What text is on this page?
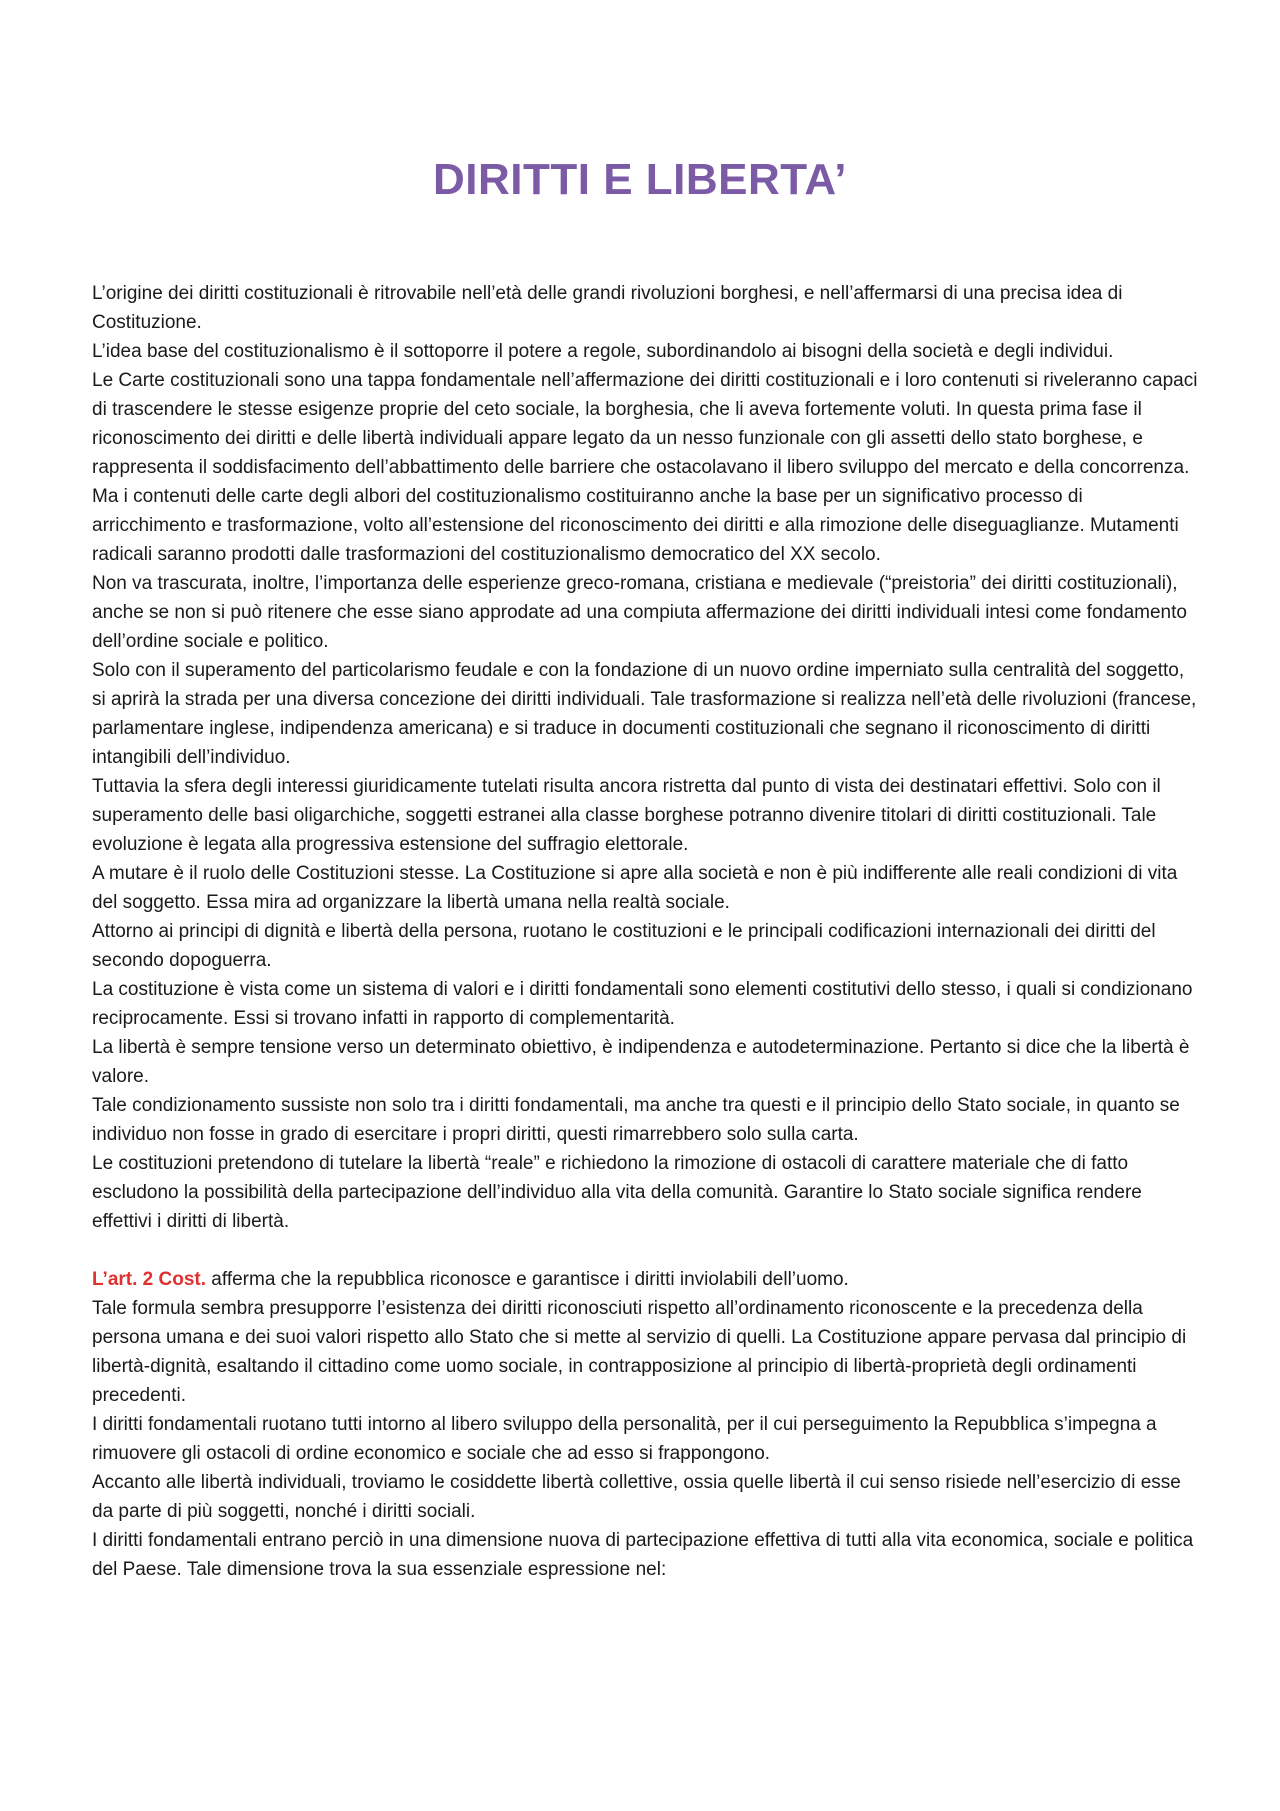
DIRITTI E LIBERTA’

L’origine dei diritti costituzionali è ritrovabile nell’età delle grandi rivoluzioni borghesi, e nell’affermarsi di una precisa idea di Costituzione.

L’idea base del costituzionalismo è il sottoporre il potere a regole, subordinandolo ai bisogni della società e degli individui.

Le Carte costituzionali sono una tappa fondamentale nell’affermazione dei diritti costituzionali e i loro contenuti si riveleranno capaci di trascendere le stesse esigenze proprie del ceto sociale, la borghesia, che li aveva fortemente voluti. In questa prima fase il riconoscimento dei diritti e delle libertà individuali appare legato da un nesso funzionale con gli assetti dello stato borghese, e rappresenta il soddisfacimento dell’abbattimento delle barriere che ostacolavano il libero sviluppo del mercato e della concorrenza.

Ma i contenuti delle carte degli albori del costituzionalismo costituiranno anche la base per un significativo processo di arricchimento e trasformazione, volto all’estensione del riconoscimento dei diritti e alla rimozione delle diseguaglianze. Mutamenti radicali saranno prodotti dalle trasformazioni del costituzionalismo democratico del XX secolo.

Non va trascurata, inoltre, l’importanza delle esperienze greco-romana, cristiana e medievale (“preistoria” dei diritti costituzionali), anche se non si può ritenere che esse siano approdate ad una compiuta affermazione dei diritti individuali intesi come fondamento dell’ordine sociale e politico.

Solo con il superamento del particolarismo feudale e con la fondazione di un nuovo ordine imperniato sulla centralità del soggetto, si aprirà la strada per una diversa concezione dei diritti individuali. Tale trasformazione si realizza nell’età delle rivoluzioni (francese, parlamentare inglese, indipendenza americana) e si traduce in documenti costituzionali che segnano il riconoscimento di diritti intangibili dell’individuo.

Tuttavia la sfera degli interessi giuridicamente tutelati risulta ancora ristretta dal punto di vista dei destinatari effettivi. Solo con il superamento delle basi oligarchiche, soggetti estranei alla classe borghese potranno divenire titolari di diritti costituzionali. Tale evoluzione è legata alla progressiva estensione del suffragio elettorale.

A mutare è il ruolo delle Costituzioni stesse. La Costituzione si apre alla società e non è più indifferente alle reali condizioni di vita del soggetto. Essa mira ad organizzare la libertà umana nella realtà sociale.

Attorno ai principi di dignità e libertà della persona, ruotano le costituzioni e le principali codificazioni internazionali dei diritti del secondo dopoguerra.

La costituzione è vista come un sistema di valori e i diritti fondamentali sono elementi costitutivi dello stesso, i quali si condizionano reciprocamente. Essi si trovano infatti in rapporto di complementarità.

La libertà è sempre tensione verso un determinato obiettivo, è indipendenza e autodeterminazione. Pertanto si dice che la libertà è valore.

Tale condizionamento sussiste non solo tra i diritti fondamentali, ma anche tra questi e il principio dello Stato sociale, in quanto se individuo non fosse in grado di esercitare i propri diritti, questi rimarrebbero solo sulla carta.

Le costituzioni pretendono di tutelare la libertà “reale” e richiedono la rimozione di ostacoli di carattere materiale che di fatto escludono la possibilità della partecipazione dell’individuo alla vita della comunità. Garantire lo Stato sociale significa rendere effettivi i diritti di libertà.

L’art. 2 Cost. afferma che la repubblica riconosce e garantisce i diritti inviolabili dell’uomo.

Tale formula sembra presupporre l’esistenza dei diritti riconosciuti rispetto all’ordinamento riconoscente e la precedenza della persona umana e dei suoi valori rispetto allo Stato che si mette al servizio di quelli. La Costituzione appare pervasa dal principio di libertà-dignità, esaltando il cittadino come uomo sociale, in contrapposizione al principio di libertà-proprietà degli ordinamenti precedenti.

I diritti fondamentali ruotano tutti intorno al libero sviluppo della personalità, per il cui perseguimento la Repubblica s’impegna a rimuovere gli ostacoli di ordine economico e sociale che ad esso si frappongono.

Accanto alle libertà individuali, troviamo le cosiddette libertà collettive, ossia quelle libertà il cui senso risiede nell’esercizio di esse da parte di più soggetti, nonché i diritti sociali.

I diritti fondamentali entrano perciò in una dimensione nuova di partecipazione effettiva di tutti alla vita economica, sociale e politica del Paese. Tale dimensione trova la sua essenziale espressione nel:
